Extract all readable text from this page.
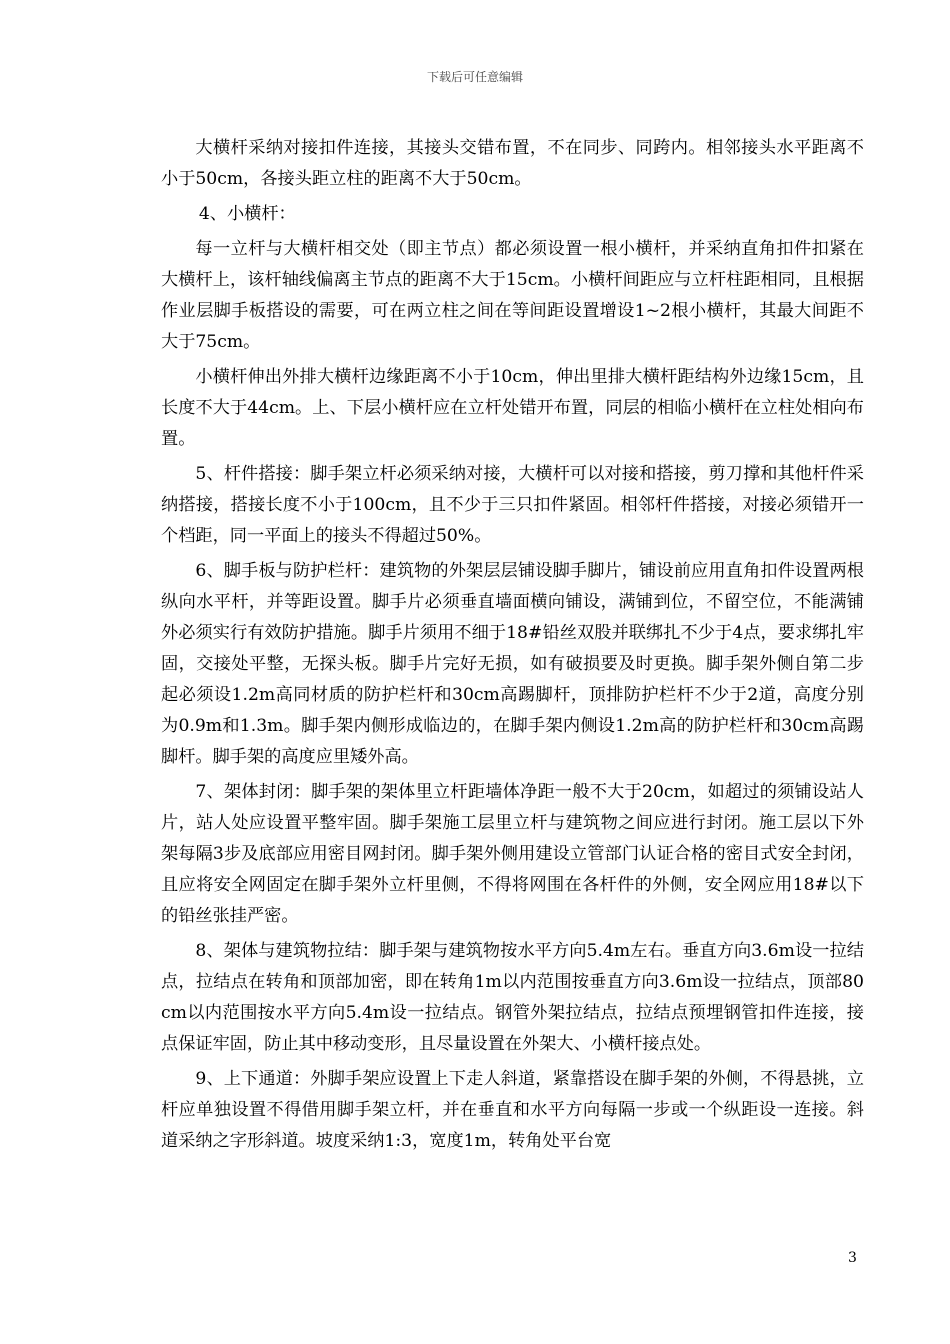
下载后可任意编辑

大横杆采纳对接扣件连接，其接头交错布置，不在同步、同跨内。相邻接头水平距离不小于50cm，各接头距立柱的距离不大于50cm。

4、小横杆：

每一立杆与大横杆相交处（即主节点）都必须设置一根小横杆，并采纳直角扣件扣紧在大横杆上，该杆轴线偏离主节点的距离不大于15cm。小横杆间距应与立杆柱距相同，且根据作业层脚手板搭设的需要，可在两立柱之间在等间距设置增设1~2根小横杆，其最大间距不大于75cm。

小横杆伸出外排大横杆边缘距离不小于10cm，伸出里排大横杆距结构外边缘15cm，且长度不大于44cm。上、下层小横杆应在立杆处错开布置，同层的相临小横杆在立柱处相向布置。

5、杆件搭接：脚手架立杆必须采纳对接，大横杆可以对接和搭接，剪刀撑和其他杆件采纳搭接，搭接长度不小于100cm，且不少于三只扣件紧固。相邻杆件搭接，对接必须错开一个档距，同一平面上的接头不得超过50%。

6、脚手板与防护栏杆：建筑物的外架层层铺设脚手脚片，铺设前应用直角扣件设置两根纵向水平杆，并等距设置。脚手片必须垂直墙面横向铺设，满铺到位，不留空位，不能满铺外必须实行有效防护措施。脚手片须用不细于18#铅丝双股并联绑扎不少于4点，要求绑扎牢固，交接处平整，无探头板。脚手片完好无损，如有破损要及时更换。脚手架外侧自第二步起必须设1.2m高同材质的防护栏杆和30cm高踢脚杆，顶排防护栏杆不少于2道，高度分别为0.9m和1.3m。脚手架内侧形成临边的，在脚手架内侧设1.2m高的防护栏杆和30cm高踢脚杆。脚手架的高度应里矮外高。

7、架体封闭：脚手架的架体里立杆距墙体净距一般不大于20cm，如超过的须铺设站人片，站人处应设置平整牢固。脚手架施工层里立杆与建筑物之间应进行封闭。施工层以下外架每隔3步及底部应用密目网封闭。脚手架外侧用建设立管部门认证合格的密目式安全封闭，且应将安全网固定在脚手架外立杆里侧，不得将网围在各杆件的外侧，安全网应用18#以下的铅丝张挂严密。

8、架体与建筑物拉结：脚手架与建筑物按水平方向5.4m左右。垂直方向3.6m设一拉结点，拉结点在转角和顶部加密，即在转角1m以内范围按垂直方向3.6m设一拉结点，顶部80cm以内范围按水平方向5.4m设一拉结点。钢管外架拉结点，拉结点预埋钢管扣件连接，接点保证牢固，防止其中移动变形，且尽量设置在外架大、小横杆接点处。

9、上下通道：外脚手架应设置上下走人斜道，紧靠搭设在脚手架的外侧，不得悬挑，立杆应单独设置不得借用脚手架立杆，并在垂直和水平方向每隔一步或一个纵距设一连接。斜道采纳之字形斜道。坡度采纳1:3，宽度1m，转角处平台宽

3
